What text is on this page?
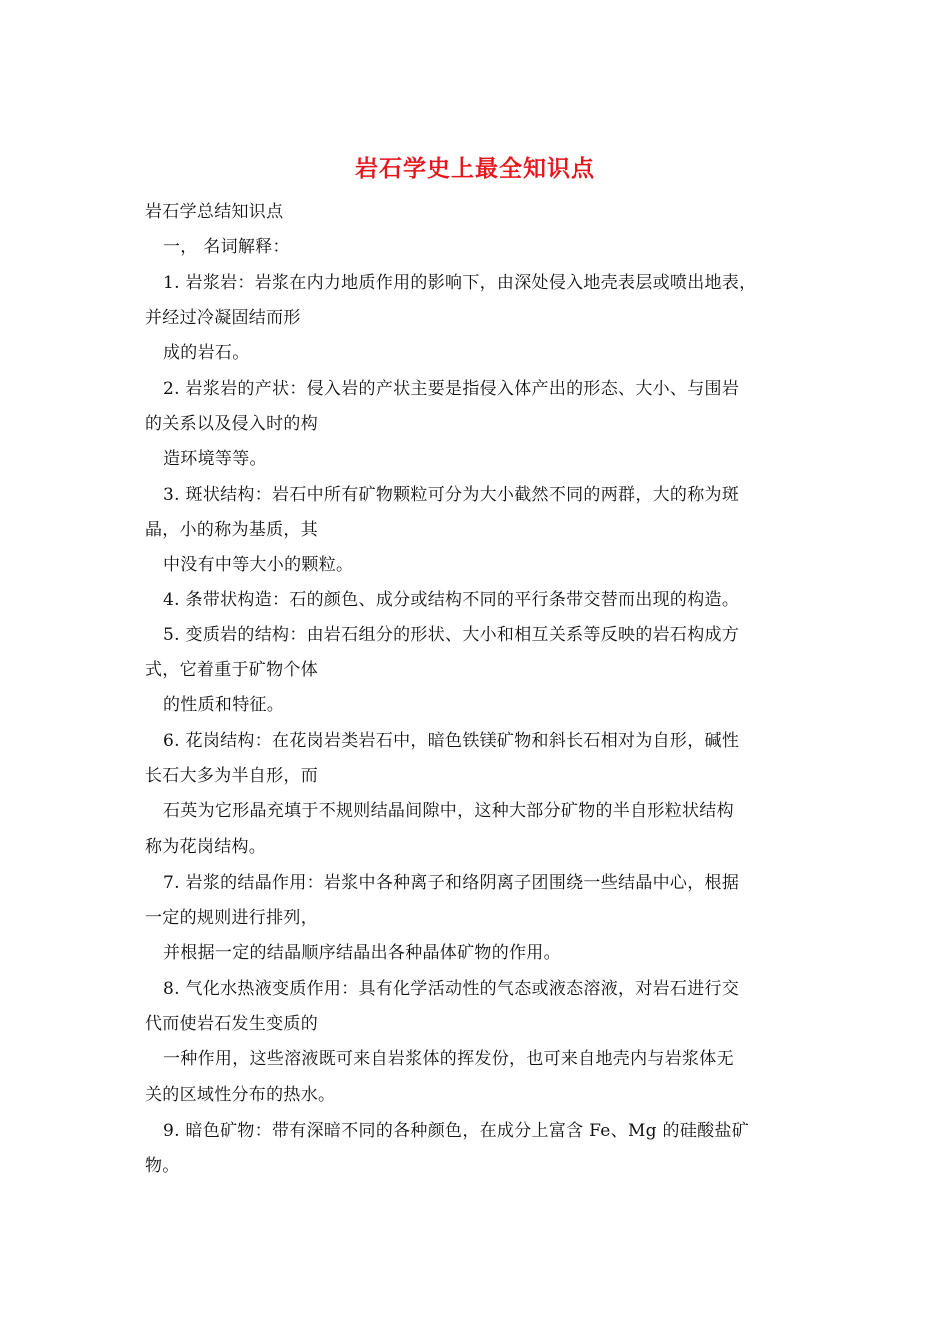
岩石学史上最全知识点
岩石学总结知识点
一， 名词解释：
1. 岩浆岩：岩浆在内力地质作用的影响下，由深处侵入地壳表层或喷出地表，
并经过冷凝固结而形
成的岩石。
2. 岩浆岩的产状：侵入岩的产状主要是指侵入体产出的形态、大小、与围岩
的关系以及侵入时的构
造环境等等。
3. 斑状结构：岩石中所有矿物颗粒可分为大小截然不同的两群，大的称为斑
晶，小的称为基质，其
中没有中等大小的颗粒。
4. 条带状构造：石的颜色、成分或结构不同的平行条带交替而出现的构造。
5. 变质岩的结构：由岩石组分的形状、大小和相互关系等反映的岩石构成方
式，它着重于矿物个体
的性质和特征。
6. 花岗结构：在花岗岩类岩石中，暗色铁镁矿物和斜长石相对为自形，碱性
长石大多为半自形，而
石英为它形晶充填于不规则结晶间隙中，这种大部分矿物的半自形粒状结构
称为花岗结构。
7. 岩浆的结晶作用：岩浆中各种离子和络阴离子团围绕一些结晶中心，根据
一定的规则进行排列，
并根据一定的结晶顺序结晶出各种晶体矿物的作用。
8. 气化水热液变质作用：具有化学活动性的气态或液态溶液，对岩石进行交
代而使岩石发生变质的
一种作用，这些溶液既可来自岩浆体的挥发份，也可来自地壳内与岩浆体无
关的区域性分布的热水。
9. 暗色矿物：带有深暗不同的各种颜色，在成分上富含 Fe、Mg 的硅酸盐矿
物。
